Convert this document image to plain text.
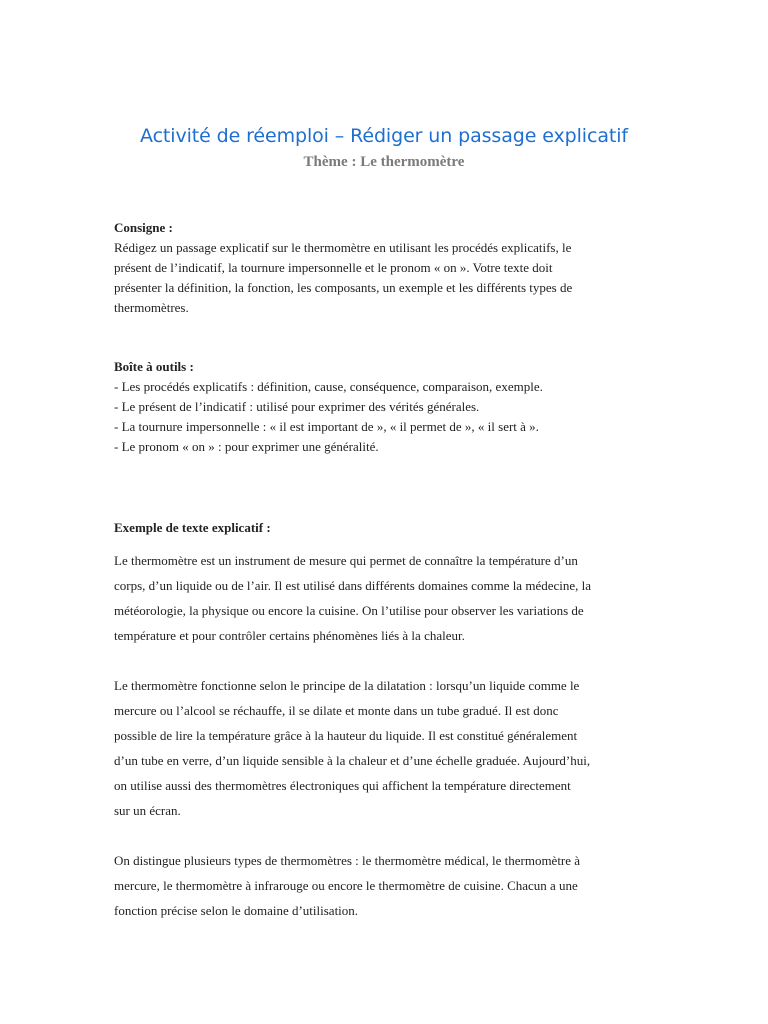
Activité de réemploi – Rédiger un passage explicatif
Thème : Le thermomètre
Consigne :
Rédigez un passage explicatif sur le thermomètre en utilisant les procédés explicatifs, le
présent de l’indicatif, la tournure impersonnelle et le pronom « on ». Votre texte doit
présenter la définition, la fonction, les composants, un exemple et les différents types de
thermomètres.
Boîte à outils :
- Les procédés explicatifs : définition, cause, conséquence, comparaison, exemple.
- Le présent de l’indicatif : utilisé pour exprimer des vérités générales.
- La tournure impersonnelle : « il est important de », « il permet de », « il sert à ».
- Le pronom « on » : pour exprimer une généralité.
Exemple de texte explicatif :
Le thermomètre est un instrument de mesure qui permet de connaître la température d’un
corps, d’un liquide ou de l’air. Il est utilisé dans différents domaines comme la médecine, la
météorologie, la physique ou encore la cuisine. On l’utilise pour observer les variations de
température et pour contrôler certains phénomènes liés à la chaleur.
Le thermomètre fonctionne selon le principe de la dilatation : lorsqu’un liquide comme le
mercure ou l’alcool se réchauffe, il se dilate et monte dans un tube gradué. Il est donc
possible de lire la température grâce à la hauteur du liquide. Il est constitué généralement
d’un tube en verre, d’un liquide sensible à la chaleur et d’une échelle graduée. Aujourd’hui,
on utilise aussi des thermomètres électroniques qui affichent la température directement
sur un écran.
On distingue plusieurs types de thermomètres : le thermomètre médical, le thermomètre à
mercure, le thermomètre à infrarouge ou encore le thermomètre de cuisine. Chacun a une
fonction précise selon le domaine d’utilisation.
